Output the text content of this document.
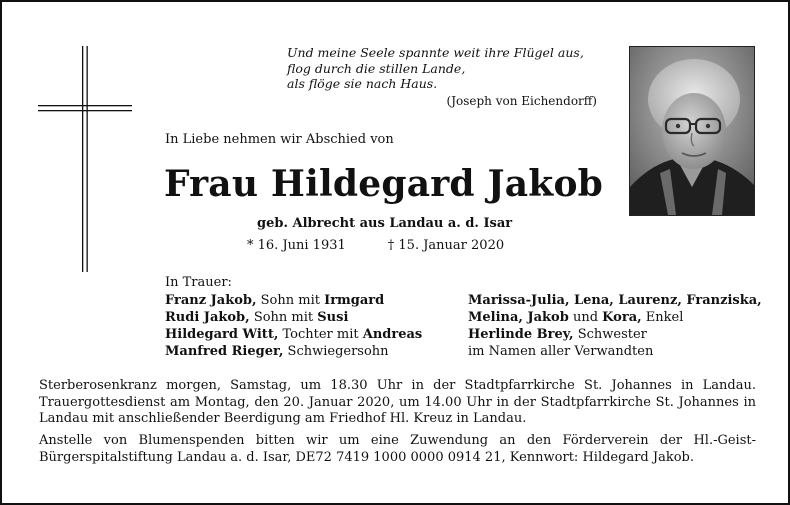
Und meine Seele spannte weit ihre Flügel aus,
flog durch die stillen Lande,
als flöge sie nach Haus.
(Joseph von Eichendorff)
In Liebe nehmen wir Abschied von
Frau Hildegard Jakob
geb. Albrecht aus Landau a. d. Isar
* 16. Juni 1931	† 15. Januar 2020
In Trauer:
Franz Jakob, Sohn mit Irmgard
Rudi Jakob, Sohn mit Susi
Hildegard Witt, Tochter mit Andreas
Manfred Rieger, Schwiegersohn
Marissa-Julia, Lena, Laurenz, Franziska,
Melina, Jakob und Kora, Enkel
Herlinde Brey, Schwester
im Namen aller Verwandten
Sterberosenkranz morgen, Samstag, um 18.30 Uhr in der Stadtpfarrkirche St. Johannes in Landau. Trauergottesdienst am Montag, den 20. Januar 2020, um 14.00 Uhr in der Stadtpfarrkirche St. Johannes in Landau mit anschließender Beerdigung am Friedhof Hl. Kreuz in Landau.
Anstelle von Blumenspenden bitten wir um eine Zuwendung an den Förderverein der Hl.-Geist-Bürgerspitalstiftung Landau a. d. Isar, DE72 7419 1000 0000 0914 21, Kennwort: Hildegard Jakob.
